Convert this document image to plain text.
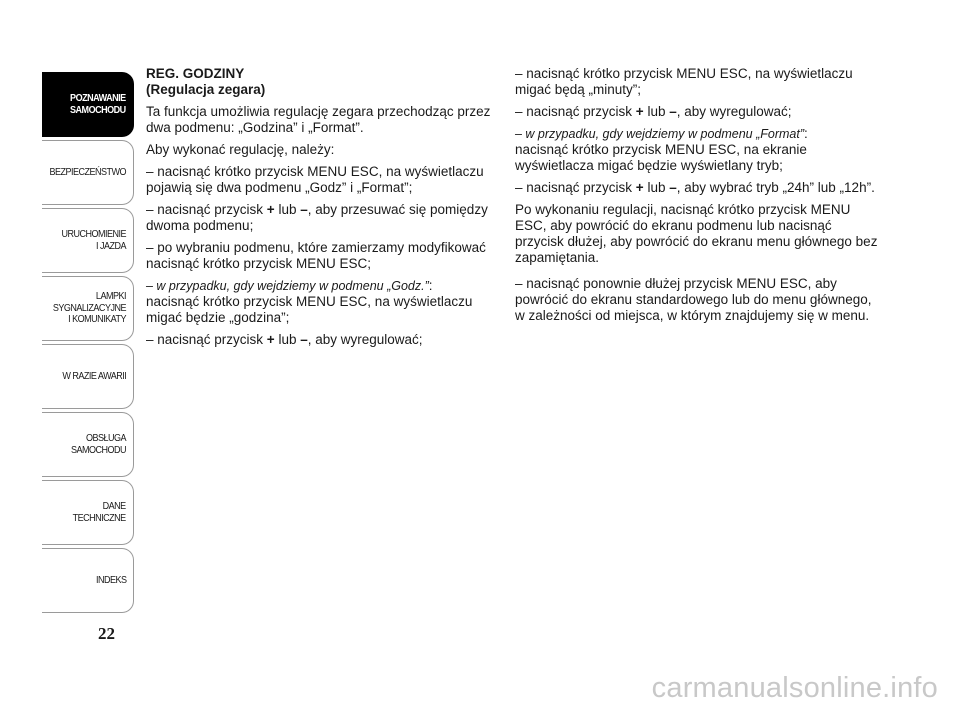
POZNAWANIE
SAMOCHODU
BEZPIECZEŃSTWO
URUCHOMIENIE
I JAZDA
LAMPKI
SYGNALIZACYJNE
I KOMUNIKATY
W RAZIE AWARII
OBSŁUGA
SAMOCHODU
DANE
TECHNICZNE
INDEKS
22

REG. GODZINY

(Regulacja zegara)

Ta funkcja umożliwia regulację zegara przechodząc przez dwa podmenu: „Godzina” i „Format”.

Aby wykonać regulację, należy:

– nacisnąć krótko przycisk MENU ESC, na wyświetlaczu pojawią się dwa podmenu „Godz” i „Format”;

– nacisnąć przycisk + lub –, aby przesuwać się pomiędzy dwoma podmenu;

– po wybraniu podmenu, które zamierzamy modyfikować nacisnąć krótko przycisk MENU ESC;

– w przypadku, gdy wejdziemy w podmenu „Godz.”:

nacisnąć krótko przycisk MENU ESC, na wyświetlaczu migać będzie „godzina”;

– nacisnąć przycisk + lub –, aby wyregulować;

– nacisnąć krótko przycisk MENU ESC, na wyświetlaczu migać będą „minuty”;

– nacisnąć przycisk + lub –, aby wyregulować;

– w przypadku, gdy wejdziemy w podmenu „Format”:

nacisnąć krótko przycisk MENU ESC, na ekranie wyświetlacza migać będzie wyświetlany tryb;

– nacisnąć przycisk + lub –, aby wybrać tryb „24h” lub „12h”.

Po wykonaniu regulacji, nacisnąć krótko przycisk MENU ESC, aby powrócić do ekranu podmenu lub nacisnąć przycisk dłużej, aby powrócić do ekranu menu głównego bez zapamiętania.

– nacisnąć ponownie dłużej przycisk MENU ESC, aby powrócić do ekranu standardowego lub do menu głównego, w zależności od miejsca, w którym znajdujemy się w menu.

carmanualsonline.info
